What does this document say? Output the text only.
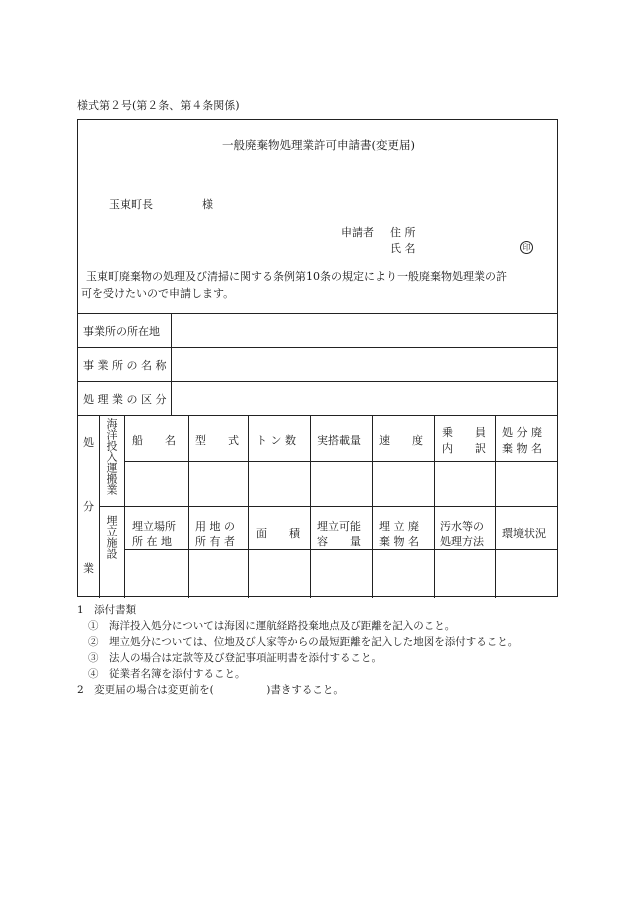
様式第２号(第２条、第４条関係)
一般廃棄物処理業許可申請書(変更届)
玉東町長	様
申請者 住 所
氏 名	印
玉東町廃棄物の処理及び清掃に関する条例第10条の規定により一般廃棄物処理業の許
可を受けたいので申請します。
事業所の所在地
事 業 所 の 名 称
処 理 業 の 区 分
処
分
業
海洋投入運搬業
埋立施設
船　　名 型　　式 ト ン 数 実搭載量 速　　度
乗　　員
内　　訳
処 分 廃
棄 物 名
埋立場所
所 在 地
用 地 の
所 有 者
面　　積
埋立可能
容　　量
埋 立 廃
棄 物 名
汚水等の
処理方法
環境状況
1　添付書類
①　海洋投入処分については海図に運航経路投棄地点及び距離を記入のこと。
②　埋立処分については、位地及び人家等からの最短距離を記入した地図を添付すること。
③　法人の場合は定款等及び登記事項証明書を添付すること。
④　従業者名簿を添付すること。
2　変更届の場合は変更前を(　　　　　)書きすること。
